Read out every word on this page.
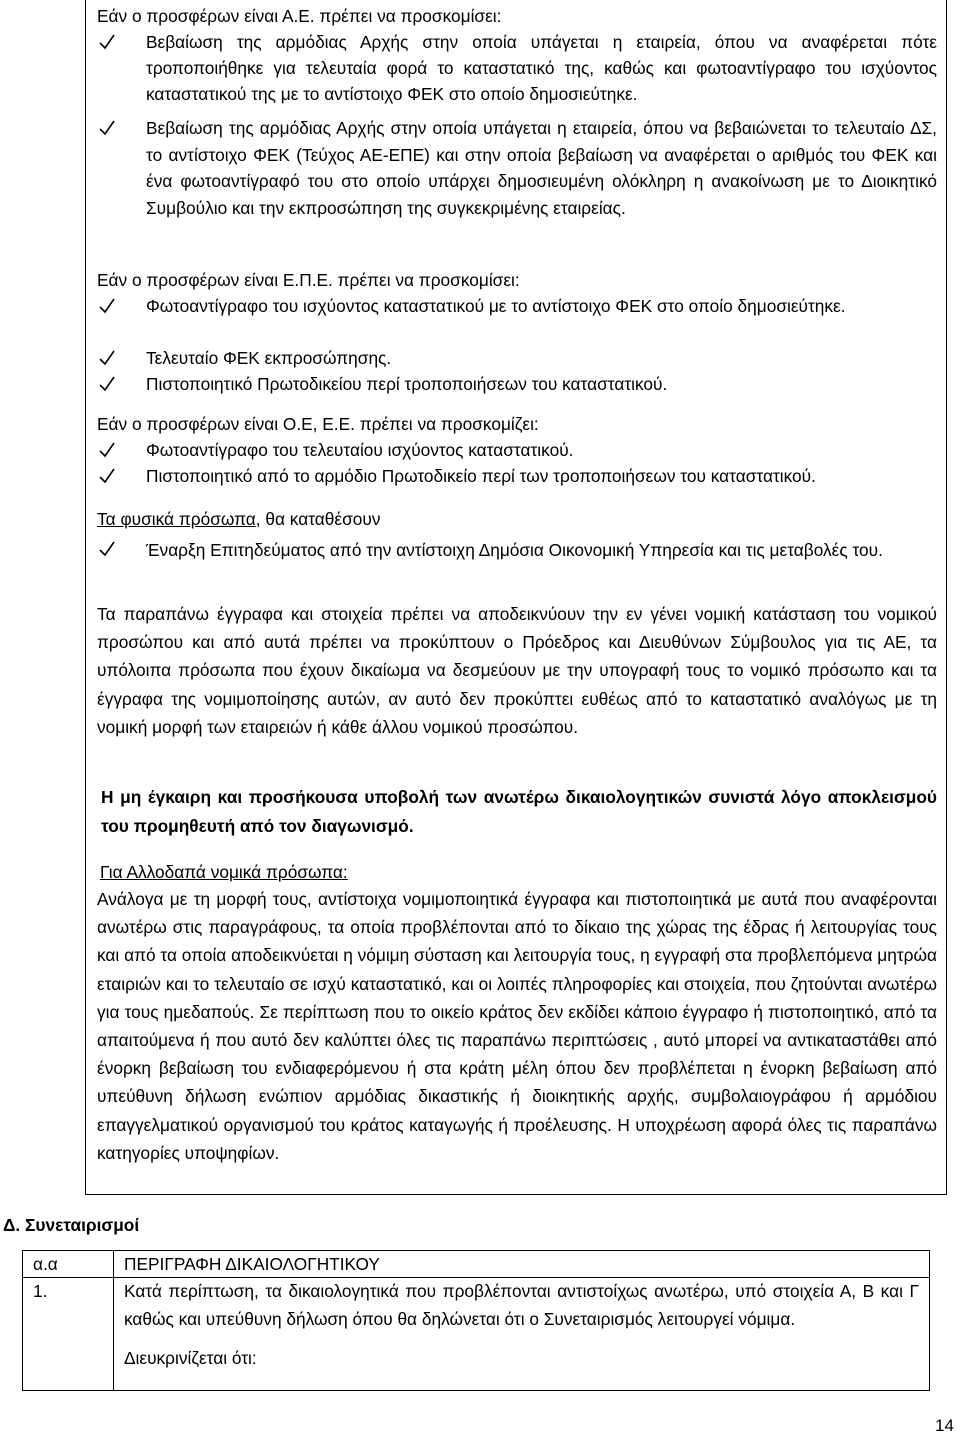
Εάν ο προσφέρων είναι Α.Ε. πρέπει να προσκομίσει:
Βεβαίωση της αρμόδιας Αρχής στην οποία υπάγεται η εταιρεία, όπου να αναφέρεται πότε τροποποιήθηκε για τελευταία φορά το καταστατικό της, καθώς και φωτοαντίγραφο του ισχύοντος καταστατικού της με το αντίστοιχο ΦΕΚ στο οποίο δημοσιεύτηκε.
Βεβαίωση της αρμόδιας Αρχής στην οποία υπάγεται η εταιρεία, όπου να βεβαιώνεται το τελευταίο ΔΣ, το αντίστοιχο ΦΕΚ (Τεύχος ΑΕ-ΕΠΕ) και στην οποία βεβαίωση να αναφέρεται ο αριθμός του ΦΕΚ και ένα φωτοαντίγραφό του στο οποίο υπάρχει δημοσιευμένη ολόκληρη η ανακοίνωση με το Διοικητικό Συμβούλιο και την εκπροσώπηση της συγκεκριμένης εταιρείας.
Εάν ο προσφέρων είναι Ε.Π.Ε. πρέπει να προσκομίσει:
Φωτοαντίγραφο του ισχύοντος καταστατικού με το αντίστοιχο ΦΕΚ στο οποίο δημοσιεύτηκε.
Τελευταίο ΦΕΚ εκπροσώπησης.
Πιστοποιητικό Πρωτοδικείου περί τροποποιήσεων του καταστατικού.
Εάν ο προσφέρων είναι Ο.Ε, Ε.Ε. πρέπει να προσκομίζει:
Φωτοαντίγραφο του τελευταίου ισχύοντος καταστατικού.
Πιστοποιητικό από το αρμόδιο Πρωτοδικείο περί των τροποποιήσεων του καταστατικού.
Τα φυσικά πρόσωπα, θα καταθέσουν
Έναρξη Επιτηδεύματος από την αντίστοιχη Δημόσια Οικονομική Υπηρεσία και τις μεταβολές του.
Τα παραπάνω έγγραφα και στοιχεία πρέπει να αποδεικνύουν την εν γένει νομική κατάσταση του νομικού προσώπου και από αυτά πρέπει να προκύπτουν ο Πρόεδρος και Διευθύνων Σύμβουλος για τις ΑΕ, τα υπόλοιπα πρόσωπα που έχουν δικαίωμα να δεσμεύουν με την υπογραφή τους το νομικό πρόσωπο και τα έγγραφα της νομιμοποίησης αυτών, αν αυτό δεν προκύπτει ευθέως από το καταστατικό αναλόγως με τη νομική μορφή των εταιρειών ή κάθε άλλου νομικού προσώπου.
Η μη έγκαιρη και προσήκουσα υποβολή των ανωτέρω δικαιολογητικών συνιστά λόγο αποκλεισμού του προμηθευτή από τον διαγωνισμό.
Για Αλλοδαπά νομικά πρόσωπα:
Ανάλογα με τη μορφή τους, αντίστοιχα νομιμοποιητικά έγγραφα και πιστοποιητικά με αυτά που αναφέρονται ανωτέρω στις παραγράφους, τα οποία προβλέπονται από το δίκαιο της χώρας της έδρας ή λειτουργίας τους και από τα οποία αποδεικνύεται η νόμιμη σύσταση και λειτουργία τους, η εγγραφή στα προβλεπόμενα μητρώα εταιριών και το τελευταίο σε ισχύ καταστατικό, και οι λοιπές πληροφορίες και στοιχεία, που ζητούνται ανωτέρω για τους ημεδαπούς. Σε περίπτωση που το οικείο κράτος δεν εκδίδει κάποιο έγγραφο ή πιστοποιητικό, από τα απαιτούμενα ή που αυτό δεν καλύπτει όλες τις παραπάνω περιπτώσεις , αυτό μπορεί να αντικαταστάθει από ένορκη βεβαίωση του ενδιαφερόμενου ή στα κράτη μέλη όπου δεν προβλέπεται η ένορκη βεβαίωση από υπεύθυνη δήλωση ενώπιον αρμόδιας δικαστικής ή διοικητικής αρχής, συμβολαιογράφου ή αρμόδιου επαγγελματικού οργανισμού του κράτος καταγωγής ή προέλευσης. Η υποχρέωση αφορά όλες τις παραπάνω κατηγορίες υποψηφίων.
Δ. Συνεταιρισμοί
α.α	ΠΕΡΙΓΡΑΦΗ ΔΙΚΑΙΟΛΟΓΗΤΙΚΟΥ
1.	Κατά περίπτωση, τα δικαιολογητικά που προβλέπονται αντιστοίχως ανωτέρω, υπό στοιχεία Α, Β και Γ καθώς και υπεύθυνη δήλωση όπου θα δηλώνεται ότι ο Συνεταιρισμός λειτουργεί νόμιμα.
Διευκρινίζεται ότι:
14
